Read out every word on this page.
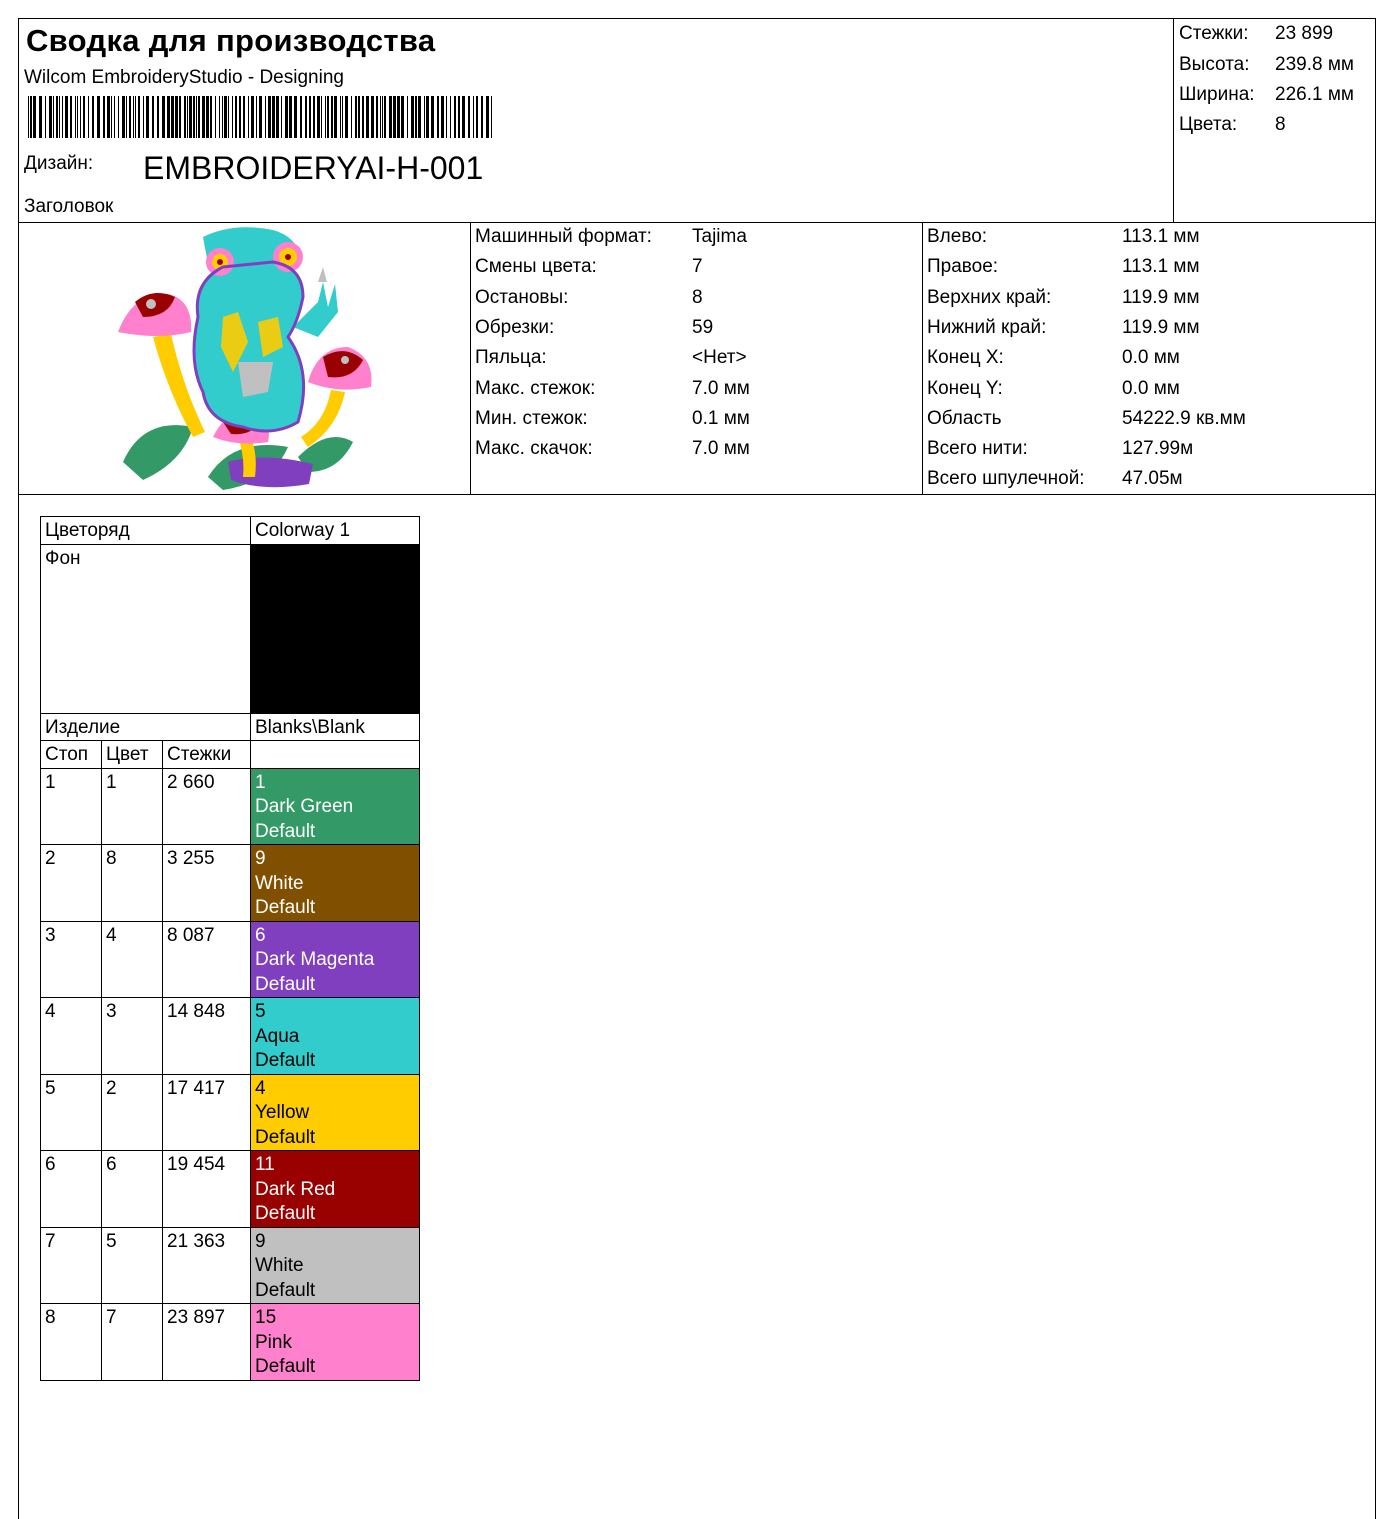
Сводка для производства
Wilcom EmbroideryStudio - Designing
Дизайн: EMBROIDERYAI-H-001
Заголовок
Стежки: 23 899
Высота: 239.8 мм
Ширина: 226.1 мм
Цвета: 8
Машинный формат: Tajima
Смены цвета:	7
Остановы:	8
Обрезки:	59
Пяльца:	<Нет>
Макс. стежок:	7.0 мм
Мин. стежок:	0.1 мм
Макс. скачок:	7.0 мм
Влево:	113.1 мм
Правое:	113.1 мм
Верхних край:	119.9 мм
Нижний край:	119.9 мм
Конец X:	0.0 мм
Конец Y:	0.0 мм
Область	54222.9 кв.мм
Всего нити:	127.99м
Всего шпулечной: 47.05м
Цветоряд			Colorway 1
Фон			
Изделие			Blanks\Blank
Стоп	Цвет	Стежки	
1	1	2 660	1
Dark Green
Default

2	8	3 255	9
White
Default

3	4	8 087	6
Dark Magenta
Default

4	3	14 848	5
Aqua
Default

5	2	17 417	4
Yellow
Default

6	6	19 454	11
Dark Red
Default

7	5	21 363	9
White
Default

8	7	23 897	15
Pink
Default
